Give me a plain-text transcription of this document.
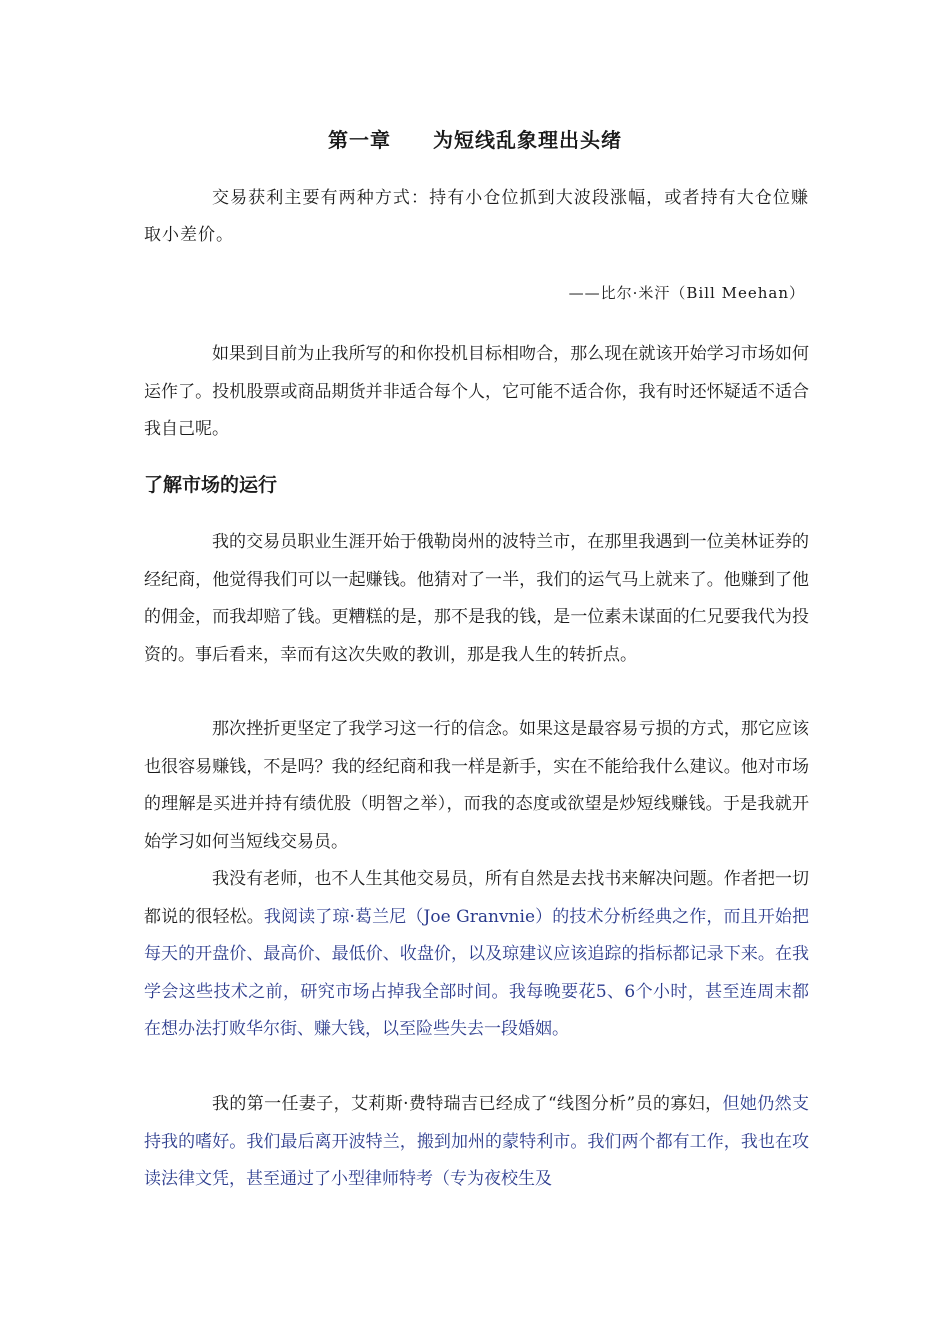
第一章　　为短线乱象理出头绪

交易获利主要有两种方式：持有小仓位抓到大波段涨幅，或者持有大仓位赚取小差价。

——比尔·米汗（Bill Meehan）

如果到目前为止我所写的和你投机目标相吻合，那么现在就该开始学习市场如何运作了。投机股票或商品期货并非适合每个人，它可能不适合你，我有时还怀疑适不适合我自己呢。

了解市场的运行

我的交易员职业生涯开始于俄勒岗州的波特兰市，在那里我遇到一位美林证券的经纪商，他觉得我们可以一起赚钱。他猜对了一半，我们的运气马上就来了。他赚到了他的佣金，而我却赔了钱。更糟糕的是，那不是我的钱，是一位素未谋面的仁兄要我代为投资的。事后看来，幸而有这次失败的教训，那是我人生的转折点。

那次挫折更坚定了我学习这一行的信念。如果这是最容易亏损的方式，那它应该也很容易赚钱，不是吗？我的经纪商和我一样是新手，实在不能给我什么建议。他对市场的理解是买进并持有绩优股（明智之举），而我的态度或欲望是炒短线赚钱。于是我就开始学习如何当短线交易员。

我没有老师，也不人生其他交易员，所有自然是去找书来解决问题。作者把一切都说的很轻松。我阅读了琼·葛兰尼（Joe Granvnie）的技术分析经典之作，而且开始把每天的开盘价、最高价、最低价、收盘价，以及琼建议应该追踪的指标都记录下来。在我学会这些技术之前，研究市场占掉我全部时间。我每晚要花5、6个小时，甚至连周末都在想办法打败华尔街、赚大钱，以至险些失去一段婚姻。

我的第一任妻子，艾莉斯·费特瑞吉已经成了“线图分析”员的寡妇，但她仍然支持我的嗜好。我们最后离开波特兰，搬到加州的蒙特利市。我们两个都有工作，我也在攻读法律文凭，甚至通过了小型律师特考（专为夜校生及
